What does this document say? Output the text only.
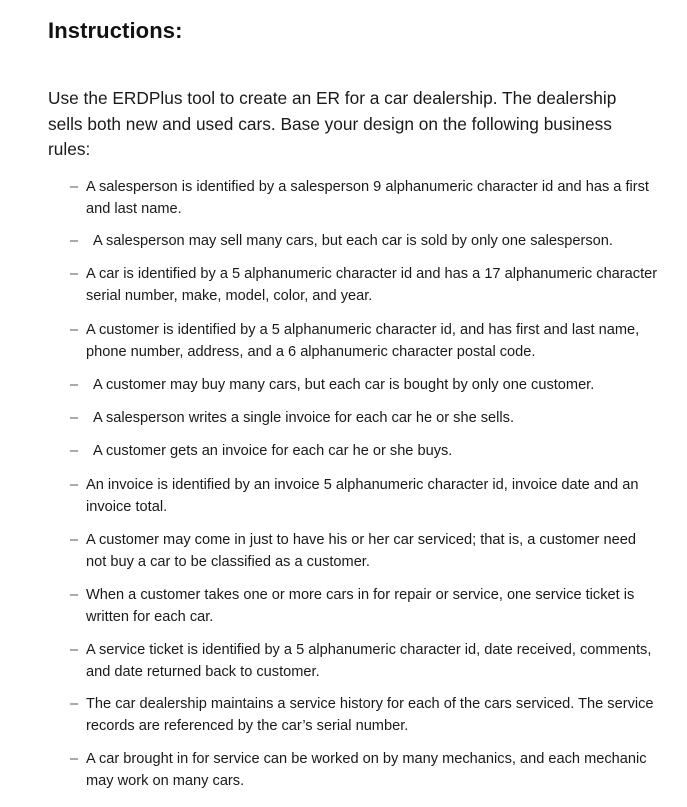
Instructions:

Use the ERDPlus tool to create an ER for a car dealership. The dealership sells both new and used cars. Base your design on the following business rules:

– A salesperson is identified by a salesperson 9 alphanumeric character id and has a first and last name.
–	A salesperson may sell many cars, but each car is sold by only one salesperson.
– A car is identified by a 5 alphanumeric character id and has a 17 alphanumeric character serial number, make, model, color, and year.
– A customer is identified by a 5 alphanumeric character id, and has first and last name, phone number, address, and a 6 alphanumeric character postal code.
–	A customer may buy many cars, but each car is bought by only one customer.
–	A salesperson writes a single invoice for each car he or she sells.
–	A customer gets an invoice for each car he or she buys.
– An invoice is identified by an invoice 5 alphanumeric character id, invoice date and an invoice total.
– A customer may come in just to have his or her car serviced; that is, a customer need not buy a car to be classified as a customer.
– When a customer takes one or more cars in for repair or service, one service ticket is written for each car.
– A service ticket is identified by a 5 alphanumeric character id, date received, comments, and date returned back to customer.
– The car dealership maintains a service history for each of the cars serviced. The service records are referenced by the car’s serial number.
– A car brought in for service can be worked on by many mechanics, and each mechanic may work on many cars.
